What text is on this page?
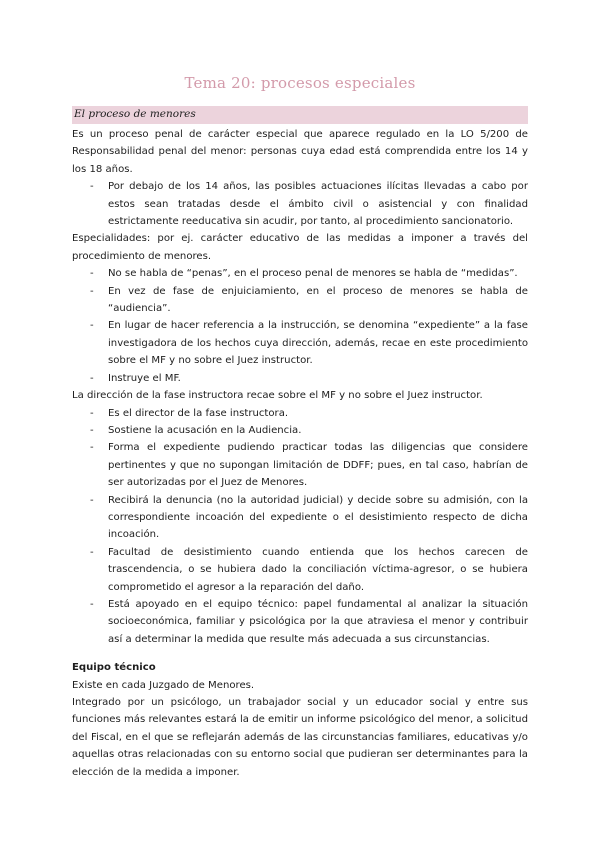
Tema 20: procesos especiales
El proceso de menores

Es un proceso penal de carácter especial que aparece regulado en la LO 5/200 de Responsabilidad penal del menor: personas cuya edad está comprendida entre los 14 y los 18 años.

- Por debajo de los 14 años, las posibles actuaciones ilícitas llevadas a cabo por estos sean tratadas desde el ámbito civil o asistencial y con finalidad estrictamente reeducativa sin acudir, por tanto, al procedimiento sancionatorio.

Especialidades: por ej. carácter educativo de las medidas a imponer a través del procedimiento de menores.

- No se habla de “penas”, en el proceso penal de menores se habla de “medidas”.
- En vez de fase de enjuiciamiento, en el proceso de menores se habla de “audiencia”.
- En lugar de hacer referencia a la instrucción, se denomina “expediente” a la fase investigadora de los hechos cuya dirección, además, recae en este procedimiento sobre el MF y no sobre el Juez instructor.
- Instruye el MF.

La dirección de la fase instructora recae sobre el MF y no sobre el Juez instructor.

- Es el director de la fase instructora.
- Sostiene la acusación en la Audiencia.
- Forma el expediente pudiendo practicar todas las diligencias que considere pertinentes y que no supongan limitación de DDFF; pues, en tal caso, habrían de ser autorizadas por el Juez de Menores.
- Recibirá la denuncia (no la autoridad judicial) y decide sobre su admisión, con la correspondiente incoación del expediente o el desistimiento respecto de dicha incoación.
- Facultad de desistimiento cuando entienda que los hechos carecen de trascendencia, o se hubiera dado la conciliación víctima-agresor, o se hubiera comprometido el agresor a la reparación del daño.
- Está apoyado en el equipo técnico: papel fundamental al analizar la situación socioeconómica, familiar y psicológica por la que atraviesa el menor y contribuir así a determinar la medida que resulte más adecuada a sus circunstancias.

Equipo técnico

Existe en cada Juzgado de Menores.

Integrado por un psicólogo, un trabajador social y un educador social y entre sus funciones más relevantes estará la de emitir un informe psicológico del menor, a solicitud del Fiscal, en el que se reflejarán además de las circunstancias familiares, educativas y/o aquellas otras relacionadas con su entorno social que pudieran ser determinantes para la elección de la medida a imponer.
